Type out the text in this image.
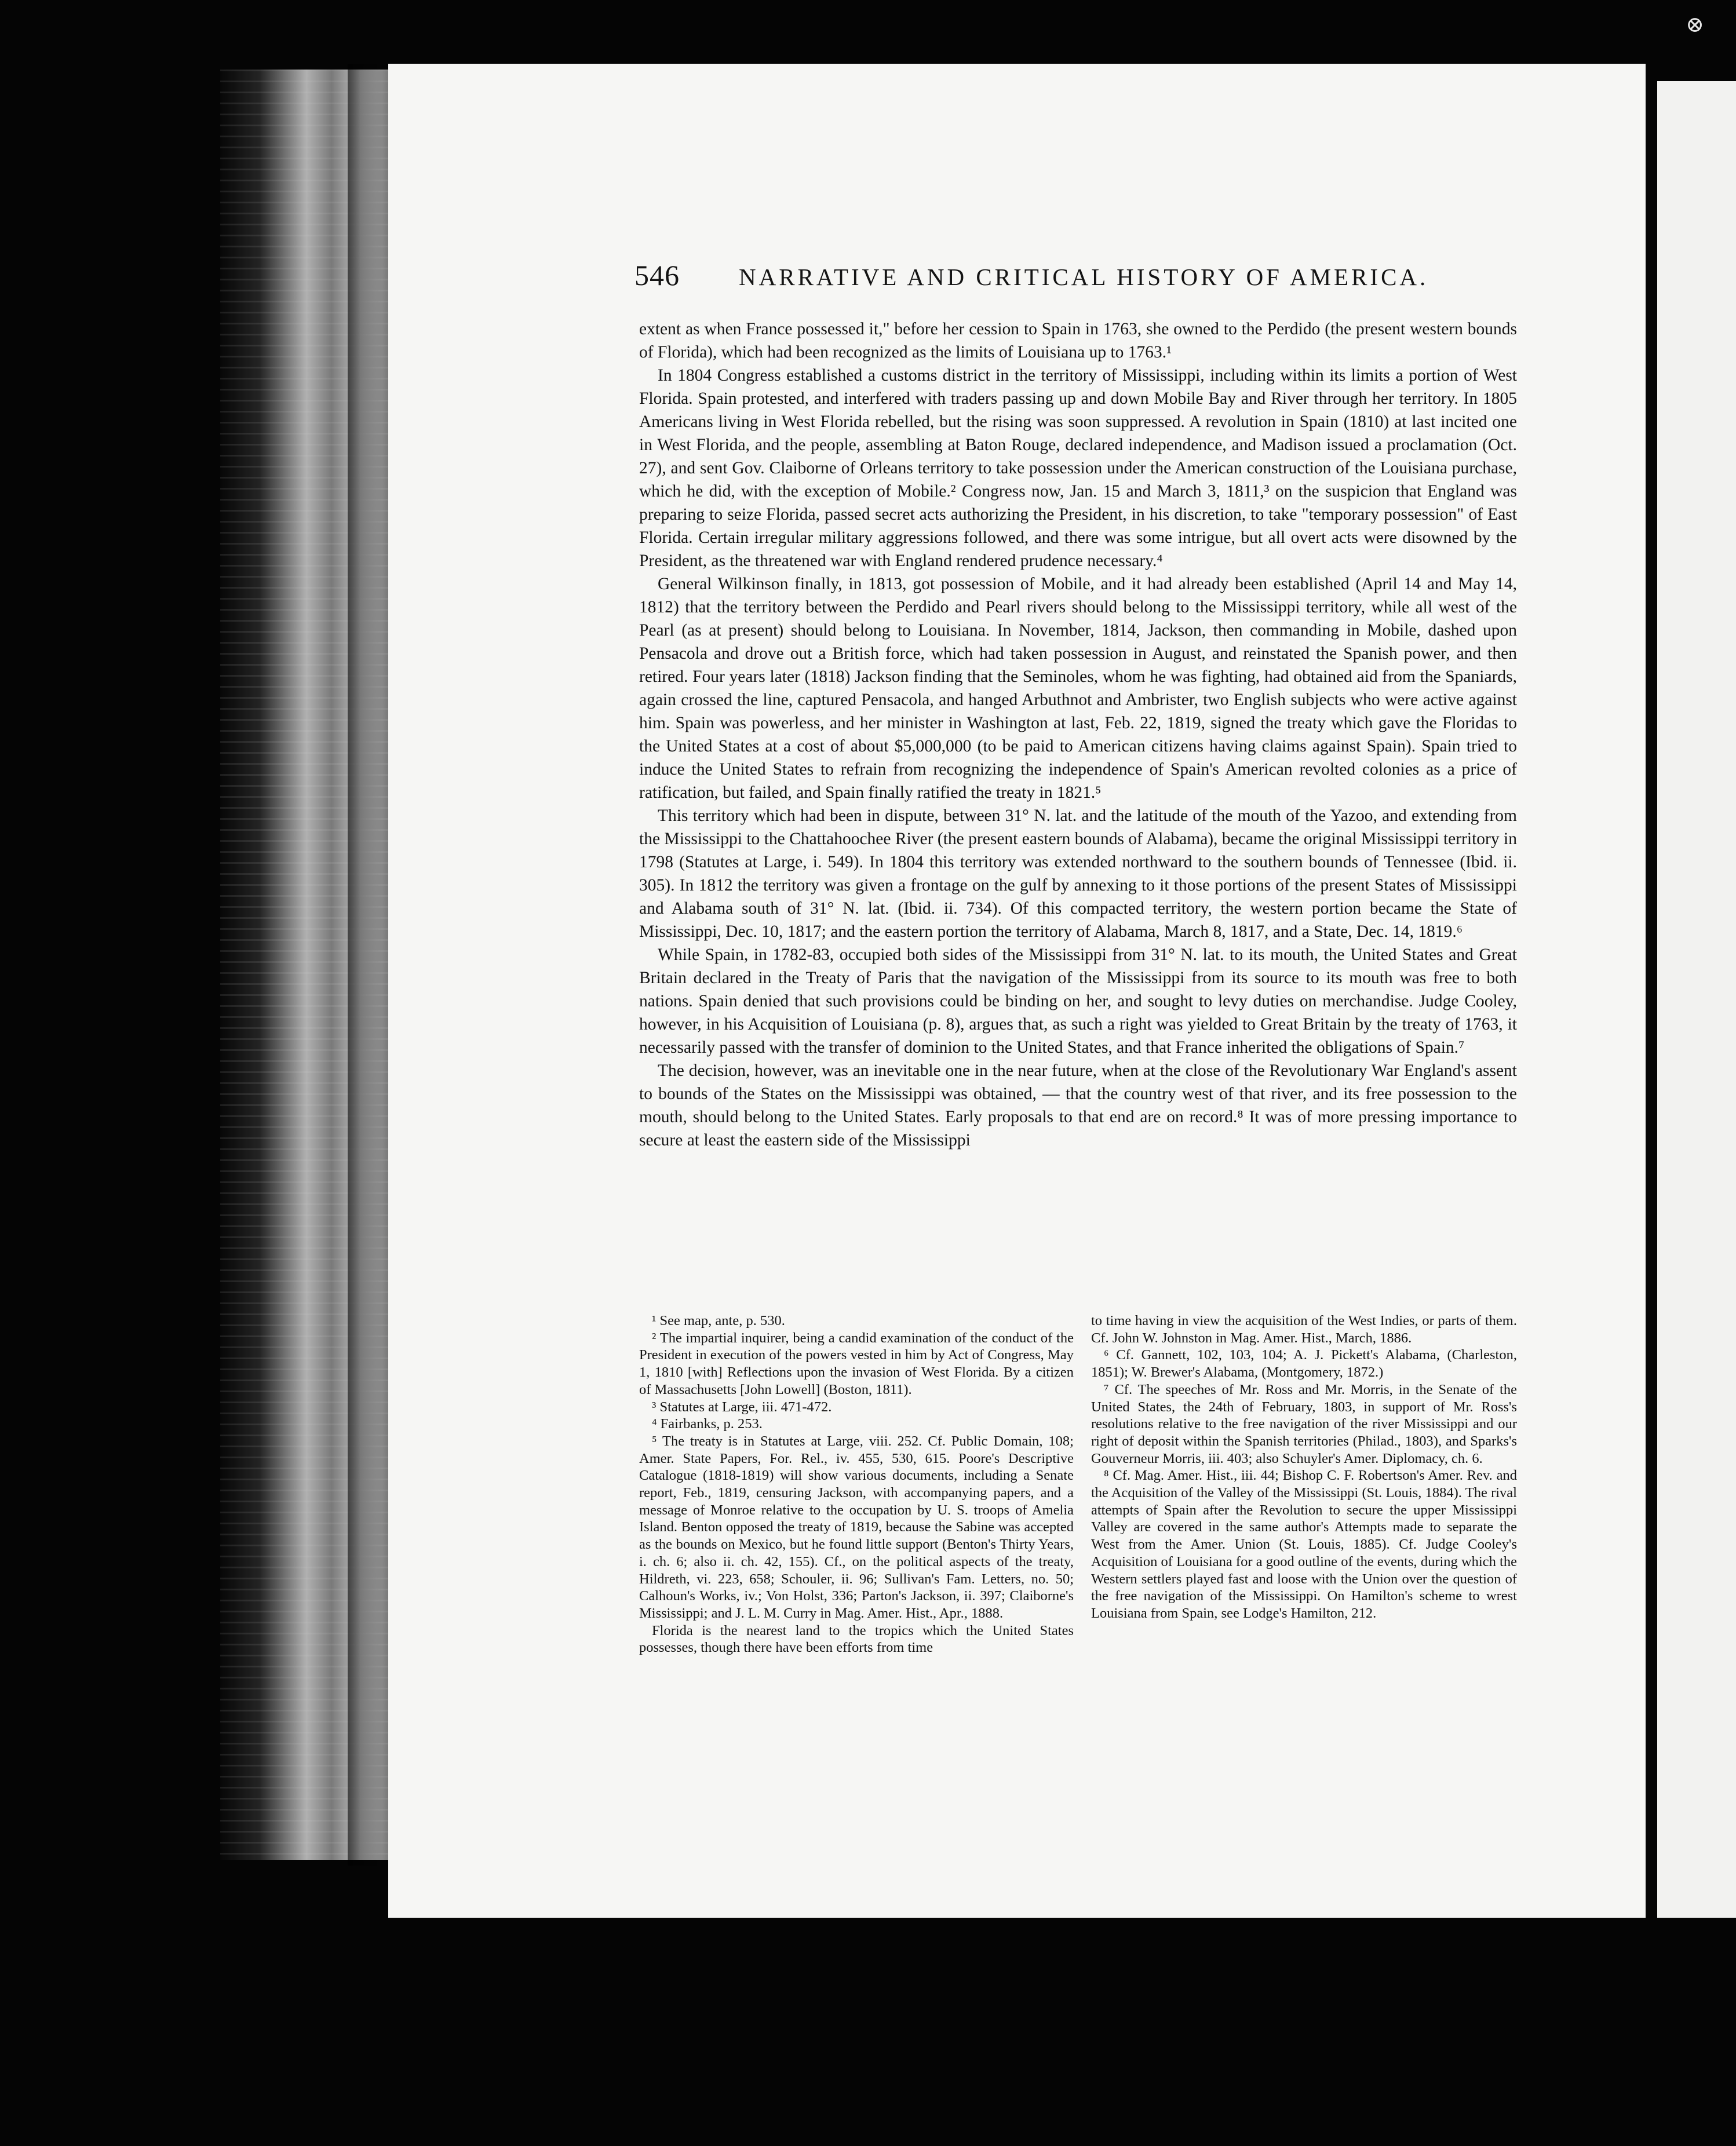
⊗
546 NARRATIVE AND CRITICAL HISTORY OF AMERICA.

extent as when France possessed it," before her cession to Spain in 1763, she owned to the Perdido (the present western bounds of Florida), which had been recognized as the limits of Louisiana up to 1763.¹

In 1804 Congress established a customs district in the territory of Mississippi, including within its limits a portion of West Florida. Spain protested, and interfered with traders passing up and down Mobile Bay and River through her territory. In 1805 Americans living in West Florida rebelled, but the rising was soon suppressed. A revolution in Spain (1810) at last incited one in West Florida, and the people, assembling at Baton Rouge, declared independence, and Madison issued a proclamation (Oct. 27), and sent Gov. Claiborne of Orleans territory to take possession under the American construction of the Louisiana purchase, which he did, with the exception of Mobile.² Congress now, Jan. 15 and March 3, 1811,³ on the suspicion that England was preparing to seize Florida, passed secret acts authorizing the President, in his discretion, to take "temporary possession" of East Florida. Certain irregular military aggressions followed, and there was some intrigue, but all overt acts were disowned by the President, as the threatened war with England rendered prudence necessary.⁴

General Wilkinson finally, in 1813, got possession of Mobile, and it had already been established (April 14 and May 14, 1812) that the territory between the Perdido and Pearl rivers should belong to the Mississippi territory, while all west of the Pearl (as at present) should belong to Louisiana. In November, 1814, Jackson, then commanding in Mobile, dashed upon Pensacola and drove out a British force, which had taken possession in August, and reinstated the Spanish power, and then retired. Four years later (1818) Jackson finding that the Seminoles, whom he was fighting, had obtained aid from the Spaniards, again crossed the line, captured Pensacola, and hanged Arbuthnot and Ambrister, two English subjects who were active against him. Spain was powerless, and her minister in Washington at last, Feb. 22, 1819, signed the treaty which gave the Floridas to the United States at a cost of about $5,000,000 (to be paid to American citizens having claims against Spain). Spain tried to induce the United States to refrain from recognizing the independence of Spain's American revolted colonies as a price of ratification, but failed, and Spain finally ratified the treaty in 1821.⁵

This territory which had been in dispute, between 31° N. lat. and the latitude of the mouth of the Yazoo, and extending from the Mississippi to the Chattahoochee River (the present eastern bounds of Alabama), became the original Mississippi territory in 1798 (Statutes at Large, i. 549). In 1804 this territory was extended northward to the southern bounds of Tennessee (Ibid. ii. 305). In 1812 the territory was given a frontage on the gulf by annexing to it those portions of the present States of Mississippi and Alabama south of 31° N. lat. (Ibid. ii. 734). Of this compacted territory, the western portion became the State of Mississippi, Dec. 10, 1817; and the eastern portion the territory of Alabama, March 8, 1817, and a State, Dec. 14, 1819.⁶

While Spain, in 1782-83, occupied both sides of the Mississippi from 31° N. lat. to its mouth, the United States and Great Britain declared in the Treaty of Paris that the navigation of the Mississippi from its source to its mouth was free to both nations. Spain denied that such provisions could be binding on her, and sought to levy duties on merchandise. Judge Cooley, however, in his Acquisition of Louisiana (p. 8), argues that, as such a right was yielded to Great Britain by the treaty of 1763, it necessarily passed with the transfer of dominion to the United States, and that France inherited the obligations of Spain.⁷

The decision, however, was an inevitable one in the near future, when at the close of the Revolutionary War England's assent to bounds of the States on the Mississippi was obtained, — that the country west of that river, and its free possession to the mouth, should belong to the United States. Early proposals to that end are on record.⁸ It was of more pressing importance to secure at least the eastern side of the Mississippi

¹ See map, ante, p. 530.

² The impartial inquirer, being a candid examination of the conduct of the President in execution of the powers vested in him by Act of Congress, May 1, 1810 [with] Reflections upon the invasion of West Florida. By a citizen of Massachusetts [John Lowell] (Boston, 1811).

³ Statutes at Large, iii. 471-472.

⁴ Fairbanks, p. 253.

⁵ The treaty is in Statutes at Large, viii. 252. Cf. Public Domain, 108; Amer. State Papers, For. Rel., iv. 455, 530, 615. Poore's Descriptive Catalogue (1818-1819) will show various documents, including a Senate report, Feb., 1819, censuring Jackson, with accompanying papers, and a message of Monroe relative to the occupation by U. S. troops of Amelia Island. Benton opposed the treaty of 1819, because the Sabine was accepted as the bounds on Mexico, but he found little support (Benton's Thirty Years, i. ch. 6; also ii. ch. 42, 155). Cf., on the political aspects of the treaty, Hildreth, vi. 223, 658; Schouler, ii. 96; Sullivan's Fam. Letters, no. 50; Calhoun's Works, iv.; Von Holst, 336; Parton's Jackson, ii. 397; Claiborne's Mississippi; and J. L. M. Curry in Mag. Amer. Hist., Apr., 1888.

Florida is the nearest land to the tropics which the United States possesses, though there have been efforts from time

to time having in view the acquisition of the West Indies, or parts of them. Cf. John W. Johnston in Mag. Amer. Hist., March, 1886.

⁶ Cf. Gannett, 102, 103, 104; A. J. Pickett's Alabama, (Charleston, 1851); W. Brewer's Alabama, (Montgomery, 1872.)

⁷ Cf. The speeches of Mr. Ross and Mr. Morris, in the Senate of the United States, the 24th of February, 1803, in support of Mr. Ross's resolutions relative to the free navigation of the river Mississippi and our right of deposit within the Spanish territories (Philad., 1803), and Sparks's Gouverneur Morris, iii. 403; also Schuyler's Amer. Diplomacy, ch. 6.

⁸ Cf. Mag. Amer. Hist., iii. 44; Bishop C. F. Robertson's Amer. Rev. and the Acquisition of the Valley of the Mississippi (St. Louis, 1884). The rival attempts of Spain after the Revolution to secure the upper Mississippi Valley are covered in the same author's Attempts made to separate the West from the Amer. Union (St. Louis, 1885). Cf. Judge Cooley's Acquisition of Louisiana for a good outline of the events, during which the Western settlers played fast and loose with the Union over the question of the free navigation of the Mississippi. On Hamilton's scheme to wrest Louisiana from Spain, see Lodge's Hamilton, 212.
